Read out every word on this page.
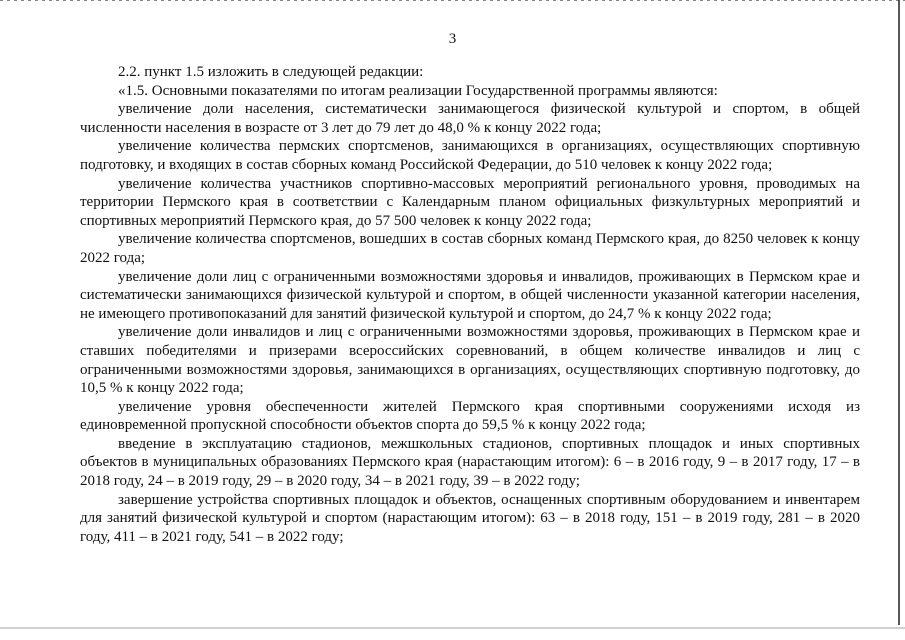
3

2.2. пункт 1.5 изложить в следующей редакции:

«1.5. Основными показателями по итогам реализации Государственной программы являются:

увеличение доли населения, систематически занимающегося физической культурой и спортом, в общей численности населения в возрасте от 3 лет до 79 лет до 48,0 % к концу 2022 года;

увеличение количества пермских спортсменов, занимающихся в организациях, осуществляющих спортивную подготовку, и входящих в состав сборных команд Российской Федерации, до 510 человек к концу 2022 года;

увеличение количества участников спортивно-массовых мероприятий регионального уровня, проводимых на территории Пермского края в соответствии с Календарным планом официальных физкультурных мероприятий и спортивных мероприятий Пермского края, до 57 500 человек к концу 2022 года;

увеличение количества спортсменов, вошедших в состав сборных команд Пермского края, до 8250 человек к концу 2022 года;

увеличение доли лиц с ограниченными возможностями здоровья и инвалидов, проживающих в Пермском крае и систематически занимающихся физической культурой и спортом, в общей численности указанной категории населения, не имеющего противопоказаний для занятий физической культурой и спортом, до 24,7 % к концу 2022 года;

увеличение доли инвалидов и лиц с ограниченными возможностями здоровья, проживающих в Пермском крае и ставших победителями и призерами всероссийских соревнований, в общем количестве инвалидов и лиц с ограниченными возможностями здоровья, занимающихся в организациях, осуществляющих спортивную подготовку, до 10,5 % к концу 2022 года;

увеличение уровня обеспеченности жителей Пермского края спортивными сооружениями исходя из единовременной пропускной способности объектов спорта до 59,5 % к концу 2022 года;

введение в эксплуатацию стадионов, межшкольных стадионов, спортивных площадок и иных спортивных объектов в муниципальных образованиях Пермского края (нарастающим итогом): 6 – в 2016 году, 9 – в 2017 году, 17 – в 2018 году, 24 – в 2019 году, 29 – в 2020 году, 34 – в 2021 году, 39 – в 2022 году;

завершение устройства спортивных площадок и объектов, оснащенных спортивным оборудованием и инвентарем для занятий физической культурой и спортом (нарастающим итогом): 63 – в 2018 году, 151 – в 2019 году, 281 – в 2020 году, 411 – в 2021 году, 541 – в 2022 году;
